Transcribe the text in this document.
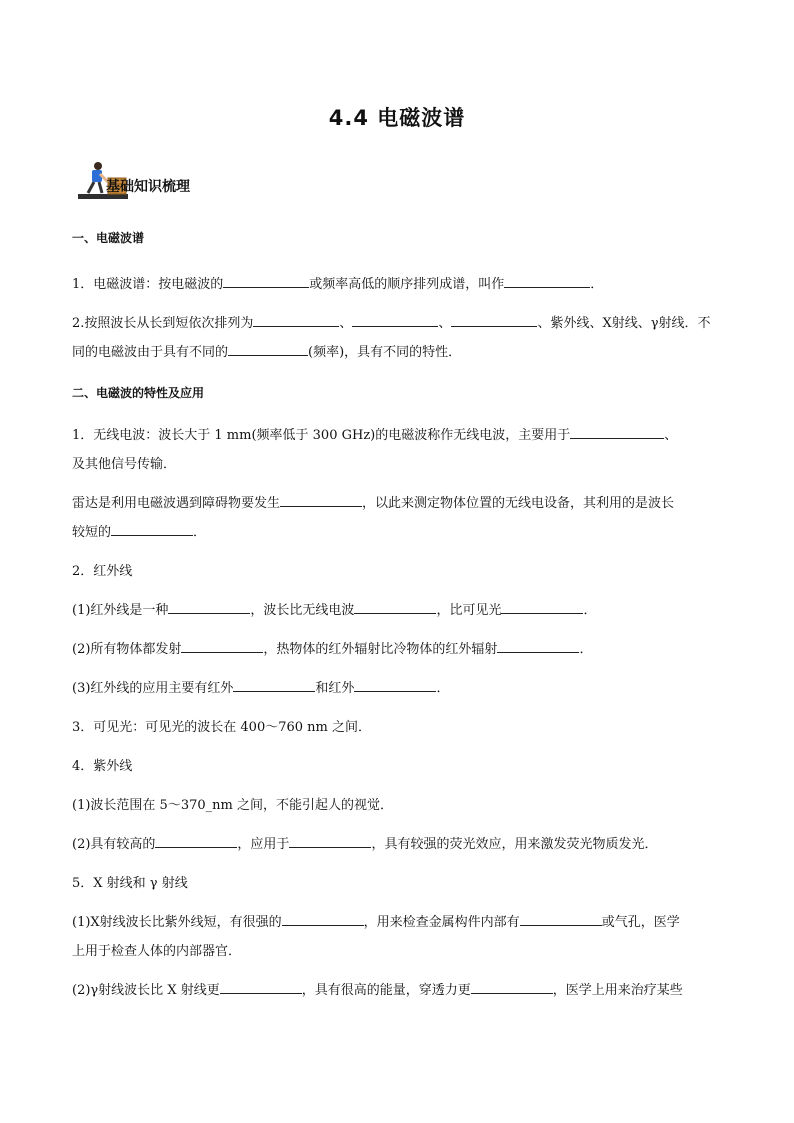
4.4 电磁波谱
基础知识梳理

一、电磁波谱

1．电磁波谱：按电磁波的	或频率高低的顺序排列成谱，叫作	．

2.按照波长从长到短依次排列为	、	、	、紫外线、X射线、γ射线．不

同的电磁波由于具有不同的	(频率)，具有不同的特性．

二、电磁波的特性及应用

1．无线电波：波长大于 1 mm(频率低于 300 GHz)的电磁波称作无线电波，主要用于	、

及其他信号传输．

雷达是利用电磁波遇到障碍物要发生	，以此来测定物体位置的无线电设备，其利用的是波长

较短的	．

2．红外线

(1)红外线是一种	，波长比无线电波	，比可见光	．

(2)所有物体都发射	，热物体的红外辐射比冷物体的红外辐射	．

(3)红外线的应用主要有红外	和红外	．

3．可见光：可见光的波长在 400～760 nm 之间．

4．紫外线

(1)波长范围在 5～370_nm 之间，不能引起人的视觉．

(2)具有较高的	，应用于	，具有较强的荧光效应，用来激发荧光物质发光．

5．X 射线和 γ 射线

(1)X射线波长比紫外线短，有很强的	，用来检查金属构件内部有	或气孔，医学

上用于检查人体的内部器官．

(2)γ射线波长比 X 射线更	，具有很高的能量，穿透力更	，医学上用来治疗某些
